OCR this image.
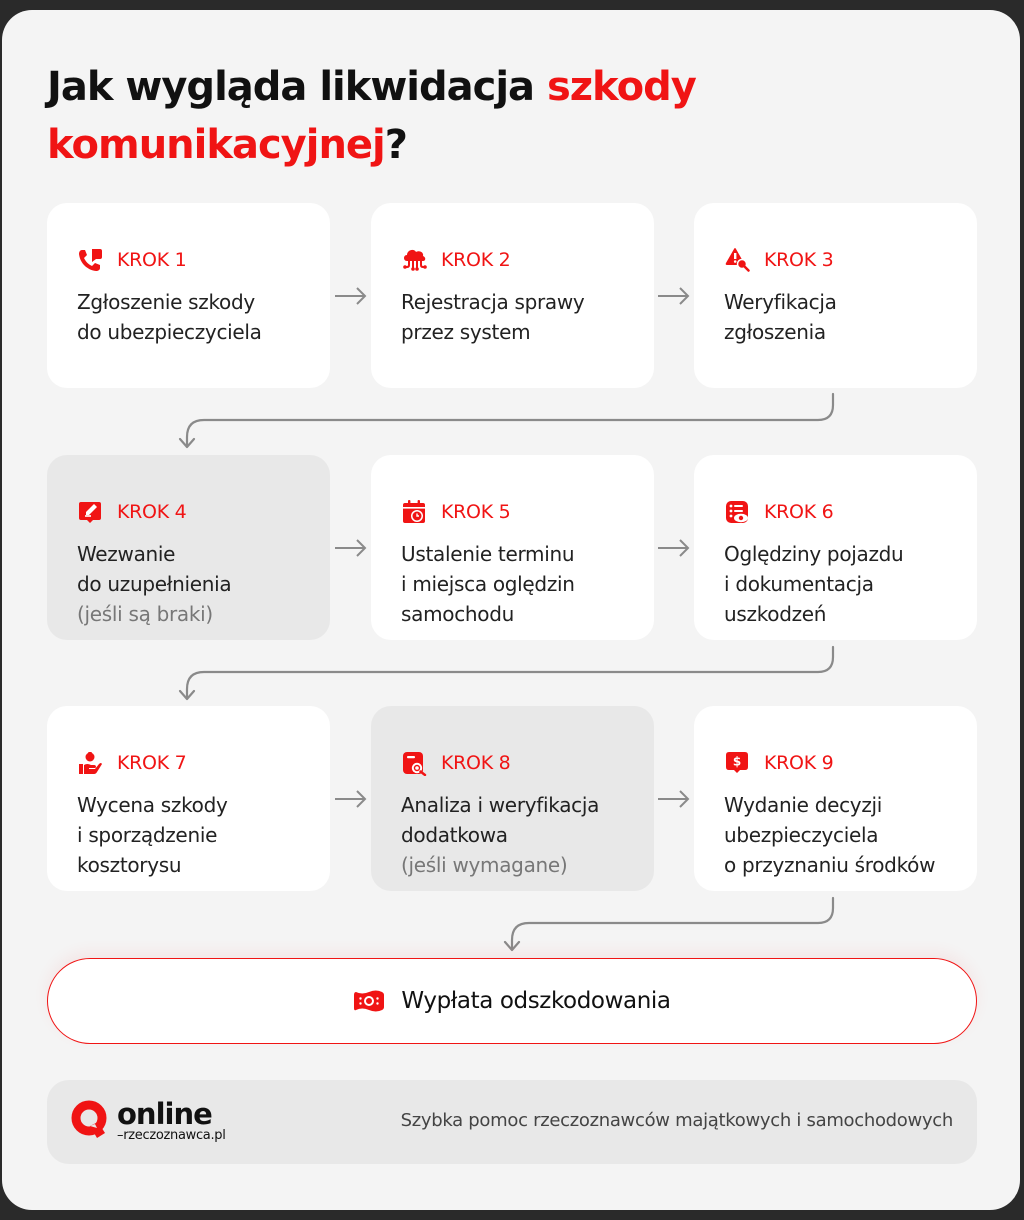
Jak wygląda likwidacja szkody
komunikacyjnej?
KROK 1
Zgłoszenie szkody
do ubezpieczyciela
KROK 2
Rejestracja sprawy
przez system
KROK 3
Weryfikacja
zgłoszenia
KROK 4
Wezwanie
do uzupełnienia
(jeśli są braki)
KROK 5
Ustalenie terminu
i miejsca oględzin
samochodu
KROK 6
Oględziny pojazdu
i dokumentacja
uszkodzeń
KROK 7
Wycena szkody
i sporządzenie
kosztorysu
KROK 8
Analiza i weryfikacja
dodatkowa
(jeśli wymagane)
$ KROK 9
Wydanie decyzji
ubezpieczyciela
o przyznaniu środków
Wypłata odszkodowania
online
–rzeczoznawca.pl
Szybka pomoc rzeczoznawców majątkowych i samochodowych
